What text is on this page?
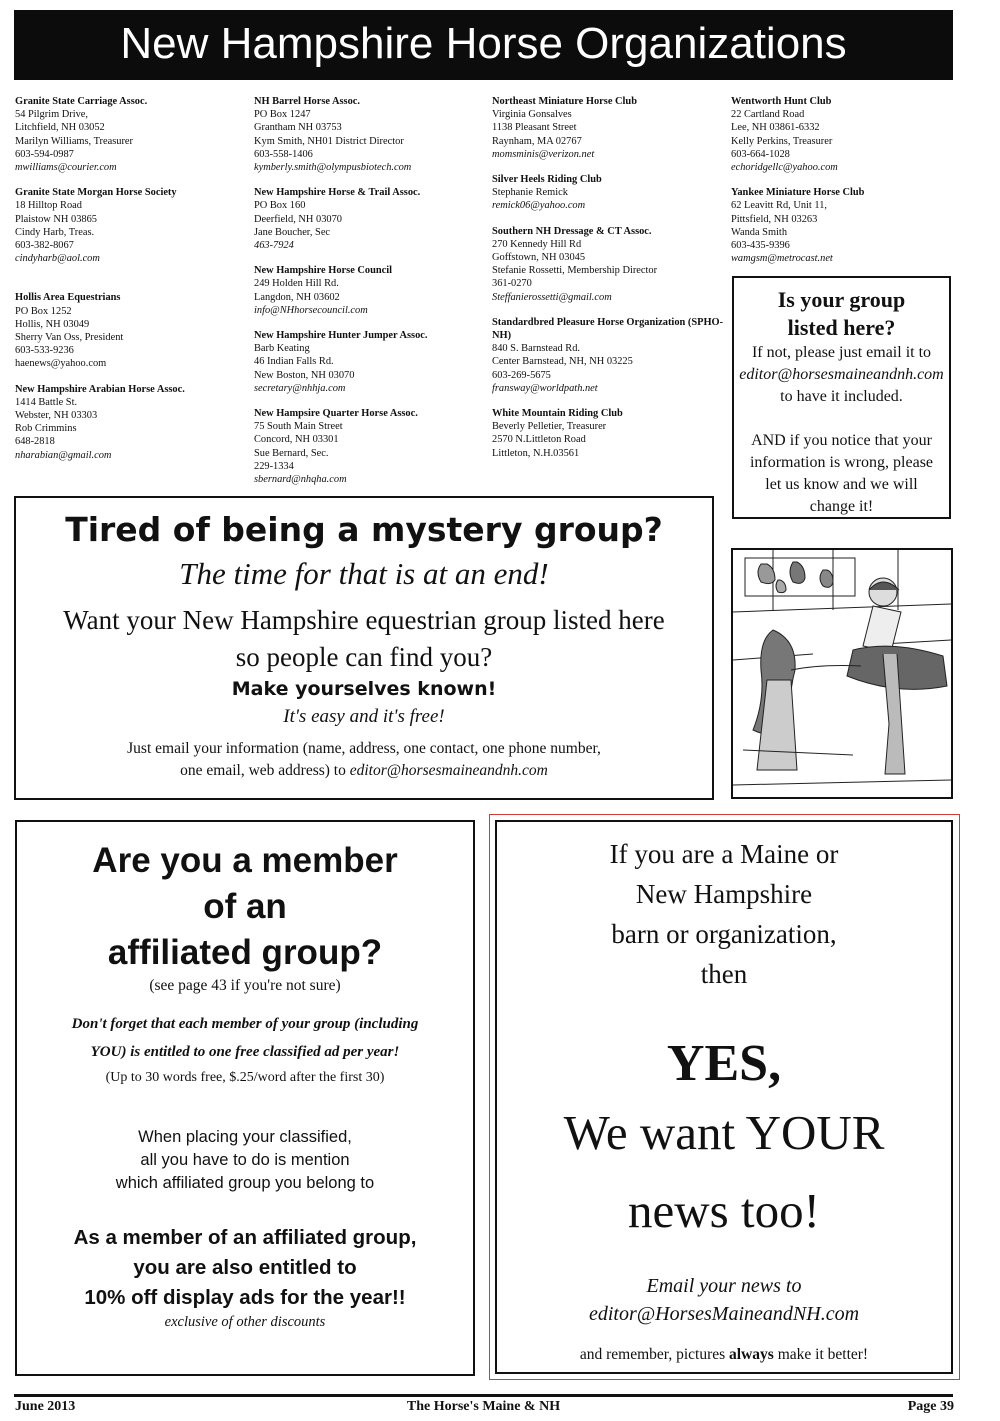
New Hampshire Horse Organizations
Granite State Carriage Assoc.
54 Pilgrim Drive,
Litchfield, NH 03052
Marilyn Williams, Treasurer
603-594-0987
mwilliams@courier.com
Granite State Morgan Horse Society
18 Hilltop Road
Plaistow NH 03865
Cindy Harb, Treas.
603-382-8067
cindyharb@aol.com
Hollis Area Equestrians
PO Box 1252
Hollis, NH 03049
Sherry Van Oss, President
603-533-9236
haenews@yahoo.com
New Hampshire Arabian Horse Assoc.
1414 Battle St.
Webster, NH 03303
Rob Crimmins
648-2818
nharabian@gmail.com
NH Barrel Horse Assoc.
PO Box 1247
Grantham NH 03753
Kym Smith, NH01 District Director
603-558-1406
kymberly.smith@olympusbiotech.com
New Hampshire Horse & Trail Assoc.
PO Box 160
Deerfield, NH 03070
Jane Boucher, Sec
463-7924
New Hampshire Horse Council
249 Holden Hill Rd.
Langdon, NH 03602
info@NHhorsecouncil.com
New Hampshire Hunter Jumper Assoc.
Barb Keating
46 Indian Falls Rd.
New Boston, NH 03070
secretary@nhhja.com
New Hampsire Quarter Horse Assoc.
75 South Main Street
Concord, NH 03301
Sue Bernard, Sec.
229-1334
sbernard@nhqha.com
Northeast Miniature Horse Club
Virginia Gonsalves
1138 Pleasant Street
Raynham, MA 02767
momsminis@verizon.net
Silver Heels Riding Club
Stephanie Remick
remick06@yahoo.com
Southern NH Dressage & CT Assoc.
270 Kennedy Hill Rd
Goffstown, NH 03045
Stefanie Rossetti, Membership Director
361-0270
Steffanierossetti@gmail.com
Standardbred Pleasure Horse Organization (SPHO-NH)
840 S. Barnstead Rd.
Center Barnstead, NH, NH 03225
603-269-5675
fransway@worldpath.net
White Mountain Riding Club
Beverly Pelletier, Treasurer
2570 N.Littleton Road
Littleton, N.H.03561
Wentworth Hunt Club
22 Cartland Road
Lee, NH 03861-6332
Kelly Perkins, Treasurer
603-664-1028
echoridgellc@yahoo.com
Yankee Miniature Horse Club
62 Leavitt Rd, Unit 11,
Pittsfield, NH 03263
Wanda Smith
603-435-9396
wamgsm@metrocast.net
Is your group
listed here?
If not, please just email it to
editor@horsesmaineandnh.com
to have it included.
AND if you notice that your
information is wrong, please
let us know and we will
change it!
Tired of being a mystery group?
The time for that is at an end!
Want your New Hampshire equestrian group listed here
so people can find you?
Make yourselves known!
It's easy and it's free!
Just email your information (name, address, one contact, one phone number,
one email, web address) to editor@horsesmaineandnh.com
Are you a member
of an
affiliated group?
(see page 43 if you're not sure)
Don't forget that each member of your group (including
YOU) is entitled to one free classified ad per year!
(Up to 30 words free, $.25/word after the first 30)
When placing your classified,
all you have to do is mention
which affiliated group you belong to
As a member of an affiliated group,
you are also entitled to
10% off display ads for the year!!
exclusive of other discounts
If you are a Maine or
New Hampshire
barn or organization,
then
YES,
We want YOUR
news too!
Email your news to
editor@HorsesMaineandNH.com
and remember, pictures always make it better!
June 2013	The Horse's Maine & NH	Page 39
